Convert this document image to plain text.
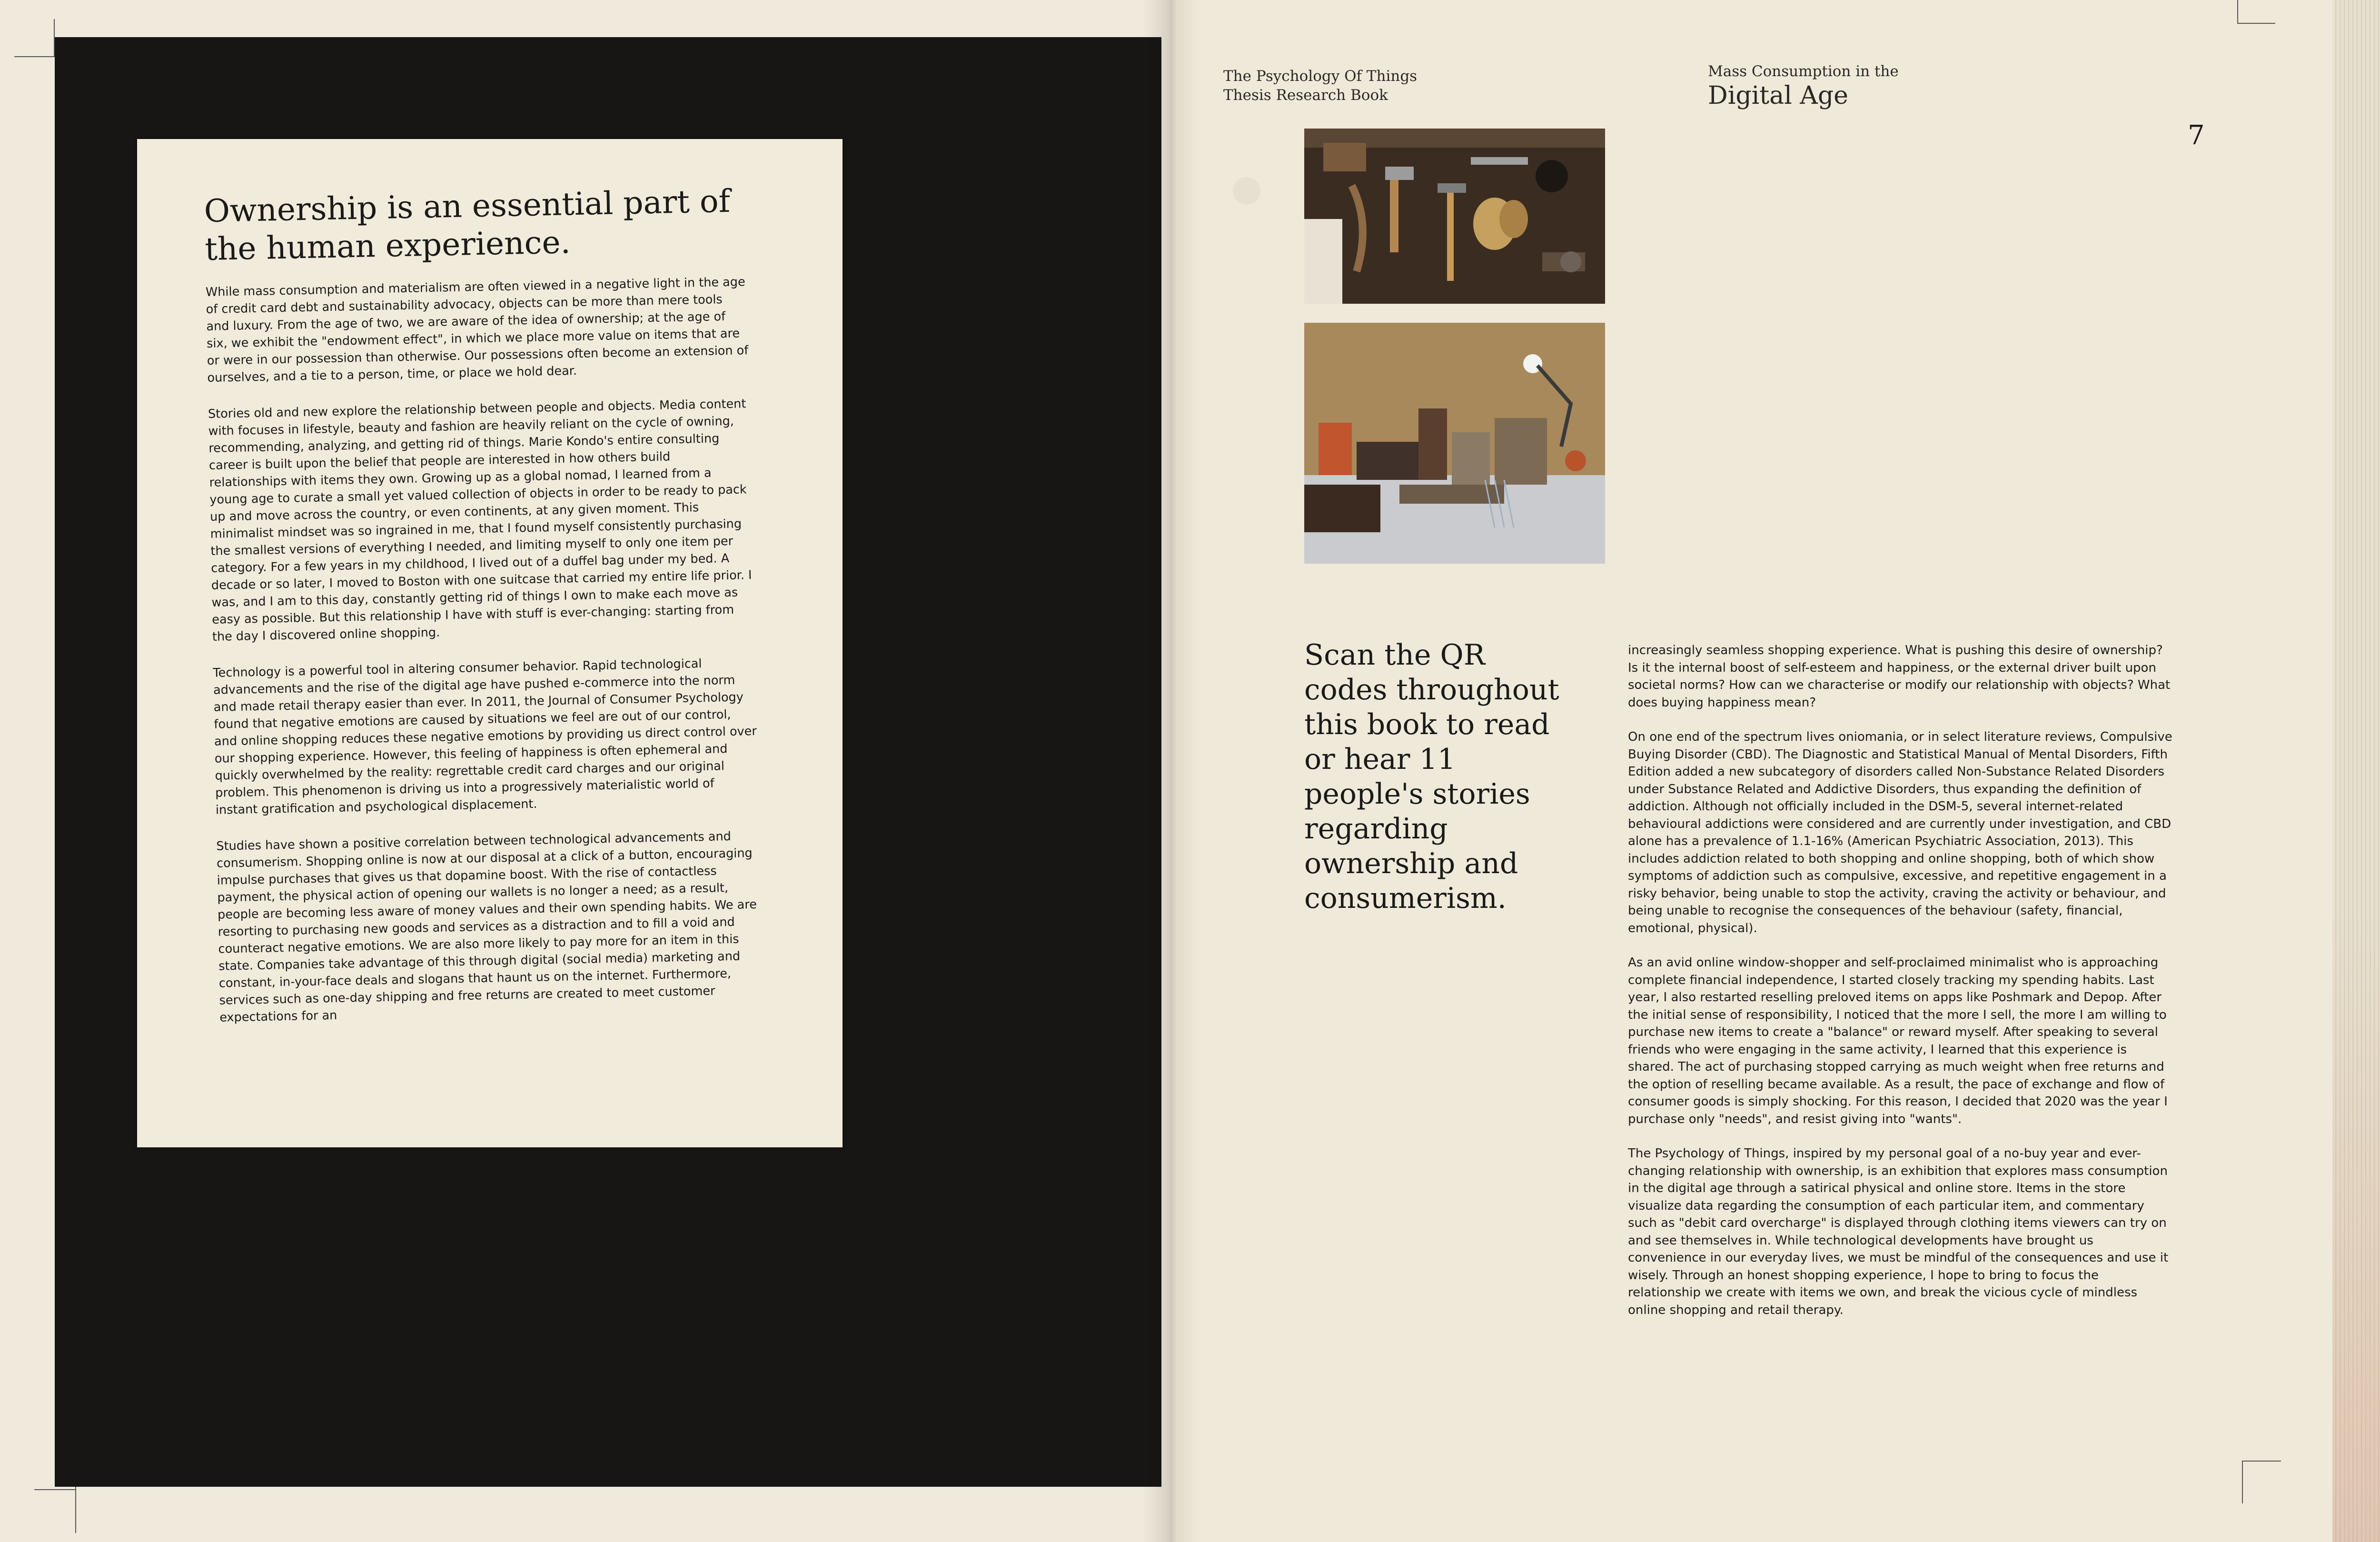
Ownership is an essential part of the human experience.

While mass consumption and materialism are often viewed in a negative light in the age of credit card debt and sustainability advocacy, objects can be more than mere tools and luxury. From the age of two, we are aware of the idea of ownership; at the age of six, we exhibit the "endowment effect", in which we place more value on items that are or were in our possession than otherwise. Our possessions often become an extension of ourselves, and a tie to a person, time, or place we hold dear.

Stories old and new explore the relationship between people and objects. Media content with focuses in lifestyle, beauty and fashion are heavily reliant on the cycle of owning, recommending, analyzing, and getting rid of things. Marie Kondo's entire consulting career is built upon the belief that people are interested in how others build relationships with items they own. Growing up as a global nomad, I learned from a young age to curate a small yet valued collection of objects in order to be ready to pack up and move across the country, or even continents, at any given moment. This minimalist mindset was so ingrained in me, that I found myself consistently purchasing the smallest versions of everything I needed, and limiting myself to only one item per category. For a few years in my childhood, I lived out of a duffel bag under my bed. A decade or so later, I moved to Boston with one suitcase that carried my entire life prior. I was, and I am to this day, constantly getting rid of things I own to make each move as easy as possible. But this relationship I have with stuff is ever-changing: starting from the day I discovered online shopping.

Technology is a powerful tool in altering consumer behavior. Rapid technological advancements and the rise of the digital age have pushed e-commerce into the norm and made retail therapy easier than ever. In 2011, the Journal of Consumer Psychology found that negative emotions are caused by situations we feel are out of our control, and online shopping reduces these negative emotions by providing us direct control over our shopping experience. However, this feeling of happiness is often ephemeral and quickly overwhelmed by the reality: regrettable credit card charges and our original problem. This phenomenon is driving us into a progressively materialistic world of instant gratification and psychological displacement.

Studies have shown a positive correlation between technological advancements and consumerism. Shopping online is now at our disposal at a click of a button, encouraging impulse purchases that gives us that dopamine boost. With the rise of contactless payment, the physical action of opening our wallets is no longer a need; as a result, people are becoming less aware of money values and their own spending habits. We are resorting to purchasing new goods and services as a distraction and to fill a void and counteract negative emotions. We are also more likely to pay more for an item in this state. Companies take advantage of this through digital (social media) marketing and constant, in-your-face deals and slogans that haunt us on the internet. Furthermore, services such as one-day shipping and free returns are created to meet customer expectations for an

The Psychology Of Things
Thesis Research Book
Mass Consumption in the
Digital Age
7
Scan the QR codes throughout this book to read or hear 11 people's stories regarding ownership and consumerism.

increasingly seamless shopping experience. What is pushing this desire of ownership? Is it the internal boost of self-esteem and happiness, or the external driver built upon societal norms? How can we characterise or modify our relationship with objects? What does buying happiness mean?

On one end of the spectrum lives oniomania, or in select literature reviews, Compulsive Buying Disorder (CBD). The Diagnostic and Statistical Manual of Mental Disorders, Fifth Edition added a new subcategory of disorders called Non-Substance Related Disorders under Substance Related and Addictive Disorders, thus expanding the definition of addiction. Although not officially included in the DSM-5, several internet-related behavioural addictions were considered and are currently under investigation, and CBD alone has a prevalence of 1.1-16% (American Psychiatric Association, 2013). This includes addiction related to both shopping and online shopping, both of which show symptoms of addiction such as compulsive, excessive, and repetitive engagement in a risky behavior, being unable to stop the activity, craving the activity or behaviour, and being unable to recognise the consequences of the behaviour (safety, financial, emotional, physical).

As an avid online window-shopper and self-proclaimed minimalist who is approaching complete financial independence, I started closely tracking my spending habits. Last year, I also restarted reselling preloved items on apps like Poshmark and Depop. After the initial sense of responsibility, I noticed that the more I sell, the more I am willing to purchase new items to create a "balance" or reward myself. After speaking to several friends who were engaging in the same activity, I learned that this experience is shared. The act of purchasing stopped carrying as much weight when free returns and the option of reselling became available. As a result, the pace of exchange and flow of consumer goods is simply shocking. For this reason, I decided that 2020 was the year I purchase only "needs", and resist giving into "wants".

The Psychology of Things, inspired by my personal goal of a no-buy year and ever-changing relationship with ownership, is an exhibition that explores mass consumption in the digital age through a satirical physical and online store. Items in the store visualize data regarding the consumption of each particular item, and commentary such as "debit card overcharge" is displayed through clothing items viewers can try on and see themselves in. While technological developments have brought us convenience in our everyday lives, we must be mindful of the consequences and use it wisely. Through an honest shopping experience, I hope to bring to focus the relationship we create with items we own, and break the vicious cycle of mindless online shopping and retail therapy.
